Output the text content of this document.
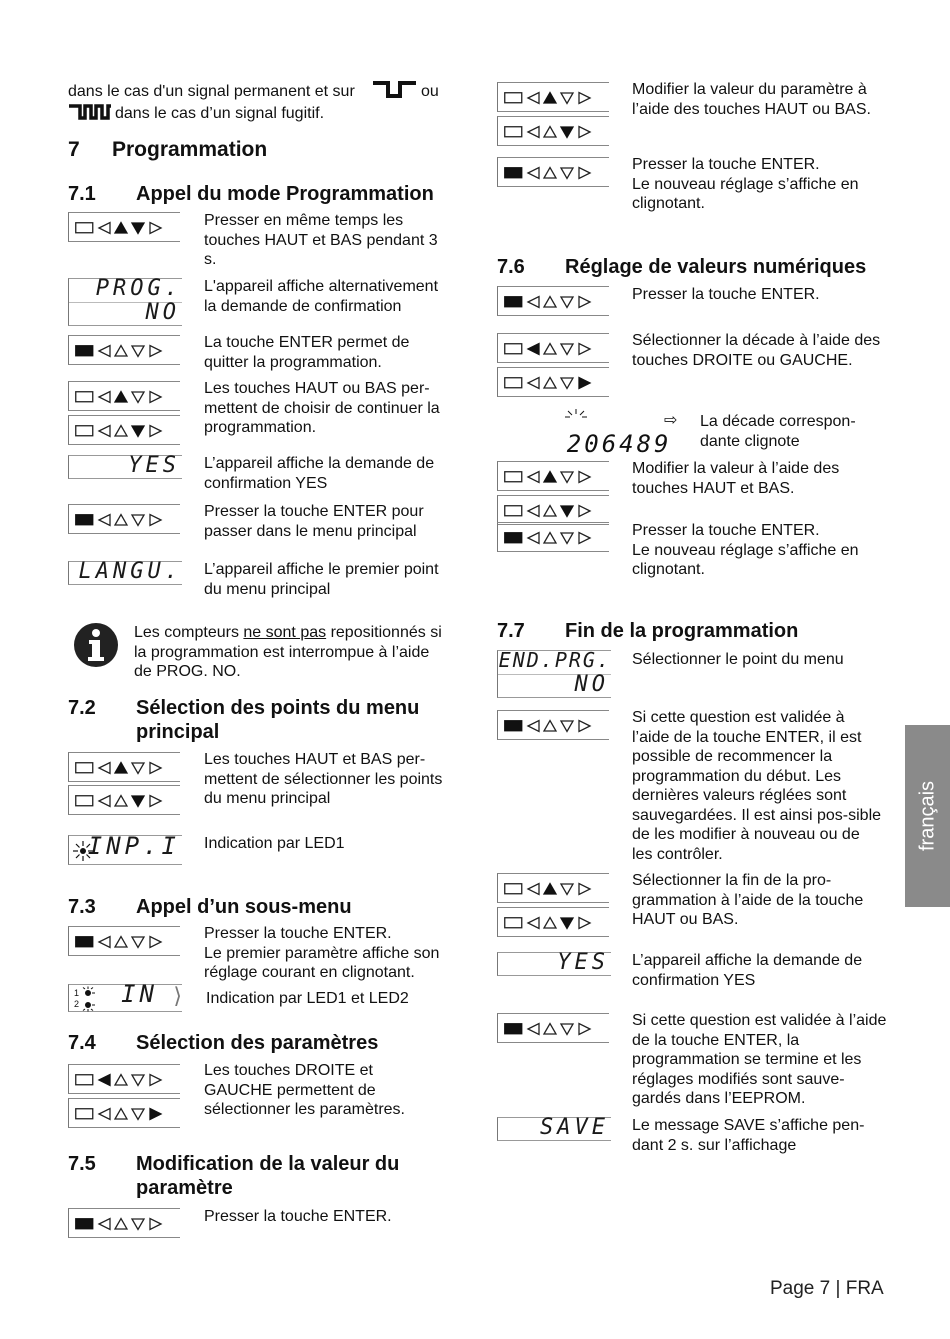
dans le cas d'un signal permanent et sur	ou
dans le cas d’un signal fugitif.
7 Programmation
7.1 Appel du mode Programmation
Presser en même temps les touches HAUT et BAS pendant 3 s.
PROG.
NO
L'appareil affiche alternativement la demande de confirmation
La touche ENTER permet de quitter la programmation.
Les touches HAUT ou BAS per-mettent de choisir de continuer la programmation.
YES L’appareil affiche la demande de confirmation YES
Presser la touche ENTER pour passer dans le menu principal
LANGU. L’appareil affiche le premier point du menu principal
Les compteurs ne sont pas repositionnés si la programmation est interrompue à l’aide de PROG. NO.
7.2 Sélection des points du menu principal
Les touches HAUT et BAS per-mettent de sélectionner les points du menu principal
INP.I Indication par LED1
7.3 Appel d’un sous-menu
Presser la touche ENTER.
Le premier paramètre affiche son réglage courant en clignotant.
1
2 IN ⟩ Indication par LED1 et LED2
7.4 Sélection des paramètres
Les touches DROITE et GAUCHE permettent de sélectionner les paramètres.
7.5 Modification de la valeur du paramètre
Presser la touche ENTER.
Modifier la valeur du paramètre à l’aide des touches HAUT ou BAS.
Presser la touche ENTER.
Le nouveau réglage s’affiche en clignotant.
7.6 Réglage de valeurs numériques
Presser la touche ENTER.
Sélectionner la décade à l’aide des touches DROITE ou GAUCHE.

206489

⇨	La décade correspon-dante clignote
Modifier la valeur à l’aide des touches HAUT et BAS.
Presser la touche ENTER.
Le nouveau réglage s’affiche en clignotant.
7.7 Fin de la programmation
END.PRG.
NO
Sélectionner le point du menu
Si cette question est validée à l’aide de la touche ENTER, il est possible de recommencer la programmation du début. Les dernières valeurs réglées sont sauvegardées. Il est ainsi pos-sible de les modifier à nouveau ou de les contrôler.
Sélectionner la fin de la pro-grammation à l’aide de la touche HAUT ou BAS.
YES L’appareil affiche la demande de confirmation YES
Si cette question est validée à l’aide de la touche ENTER, la programmation se termine et les réglages modifiés sont sauve-gardés dans l’EEPROM.
SAVE Le message SAVE s’affiche pen-dant 2 s. sur l’affichage
français
Page 7 | FRA
